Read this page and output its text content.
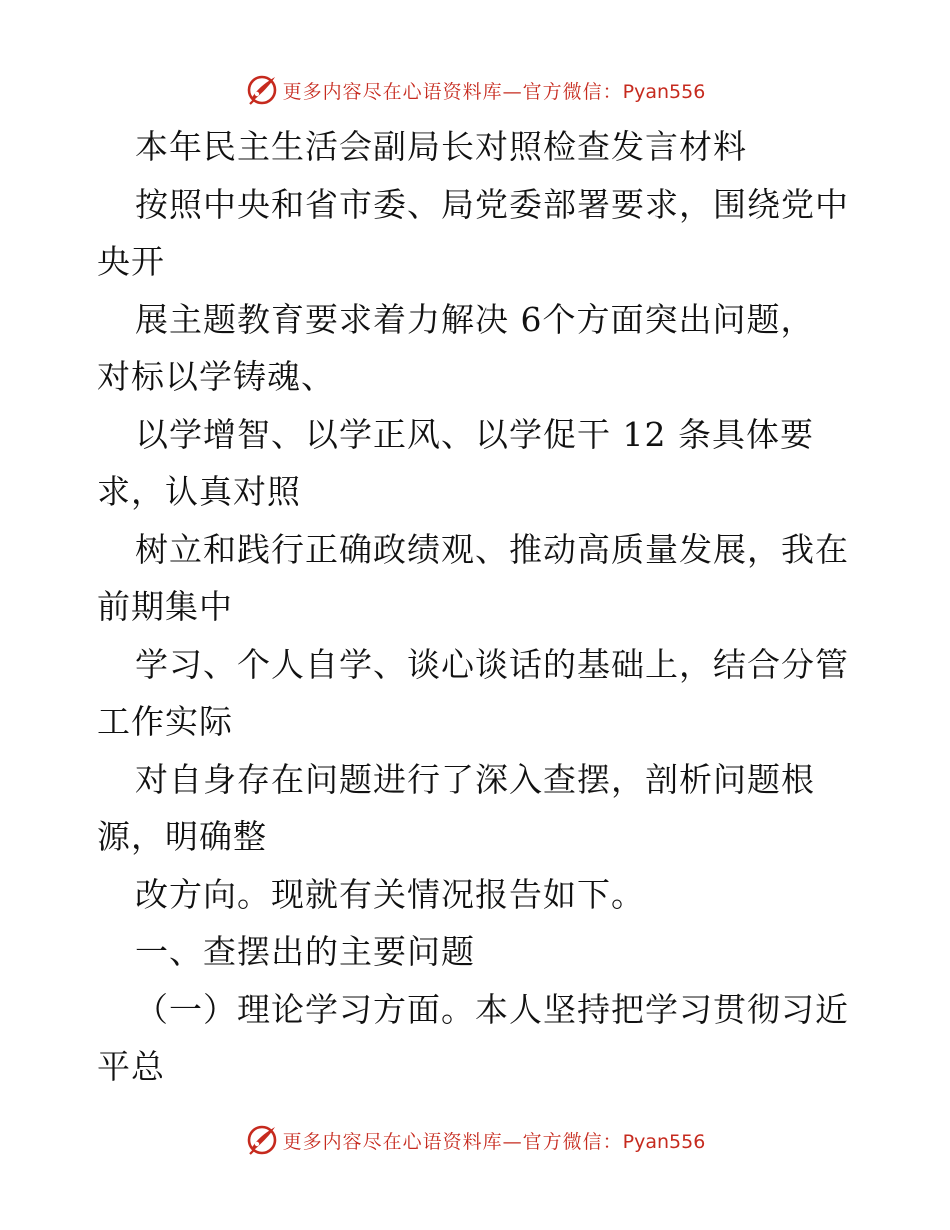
更多内容尽在心语资料库—官方微信：Pyan556
本年民主生活会副局长对照检查发言材料
按照中央和省市委、局党委部署要求，围绕党中
央开
展主题教育要求着力解决 6个方面突出问题，
对标以学铸魂、
以学增智、以学正风、以学促干 12 条具体要
求，认真对照
树立和践行正确政绩观、推动高质量发展，我在
前期集中
学习、个人自学、谈心谈话的基础上，结合分管
工作实际
对自身存在问题进行了深入查摆，剖析问题根
源，明确整
改方向。现就有关情况报告如下。
一、查摆出的主要问题
（一）理论学习方面。本人坚持把学习贯彻习近
平总
更多内容尽在心语资料库—官方微信：Pyan556
